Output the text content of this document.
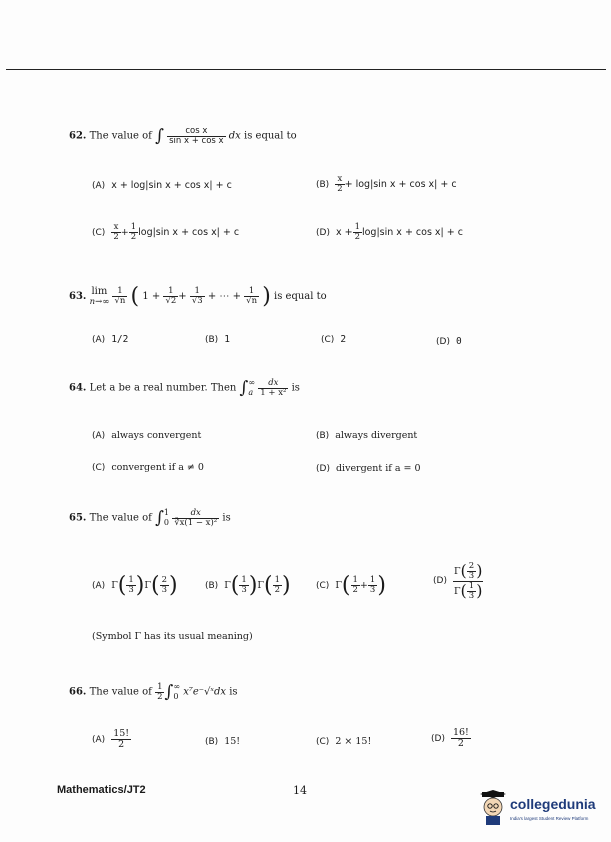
62. The value of ∫ $\frac{\text{cos x}}{\text{sin x + cos x}}$ dx is equal to
(A) x + log|sin x + cos x| + c	$(B) \frac{x}{2} + \log|\sin$ x + cos x| + c
$(C) \frac{x}{2} + \frac{1}{2} \log|\sin$ x + cos x| + c	(D) $x + \frac{1}{2} \log|\sin$ x + cos x| + c
63. lim
$n\to\infty \frac{1}{√n}$ ( $1 + \frac{1}{√2} + \frac{1}{√3}$ + ⋯ + $\frac{1}{√n}$ ) is equal to
(A) 1/2	(B) 1	(C) 2	(D) 0
64. Let a be a real number. Then ∫∞
a $\frac{dx}{\text{1 + x²}}$ is
(A) always convergent	(B) always divergent
(C) convergent if a ≠ 0	(D) divergent if a = 0
65. The value of ∫1
$0 \frac{dx}{\text{∛x(1 − x)²}}$ is
(A) $\Gamma( \frac{1}{3} )\Gamma( \frac{2}{3}$ )	(B) $\Gamma( \frac{1}{3} )\Gamma( \frac{1}{2}$ )	(C) $\Gamma( \frac{1}{2} + \frac{1}{3}$ )	$(D) \frac{\Gamma( \frac{2}{3} )}{\Gamma( \frac{1}{3} )}$
(Symbol Γ has its usual meaning)
66. The value of $\frac{1}{2}$ ∫∞
0 x⁷e⁻√ˣdx is
$(A) \frac{15!}{2}$	(B) 15!	(C) 2 × 15!	$(D) \frac{16!}{2}$
Mathematics/JT2	14
collegedunia
India's largest Student Review Platform
